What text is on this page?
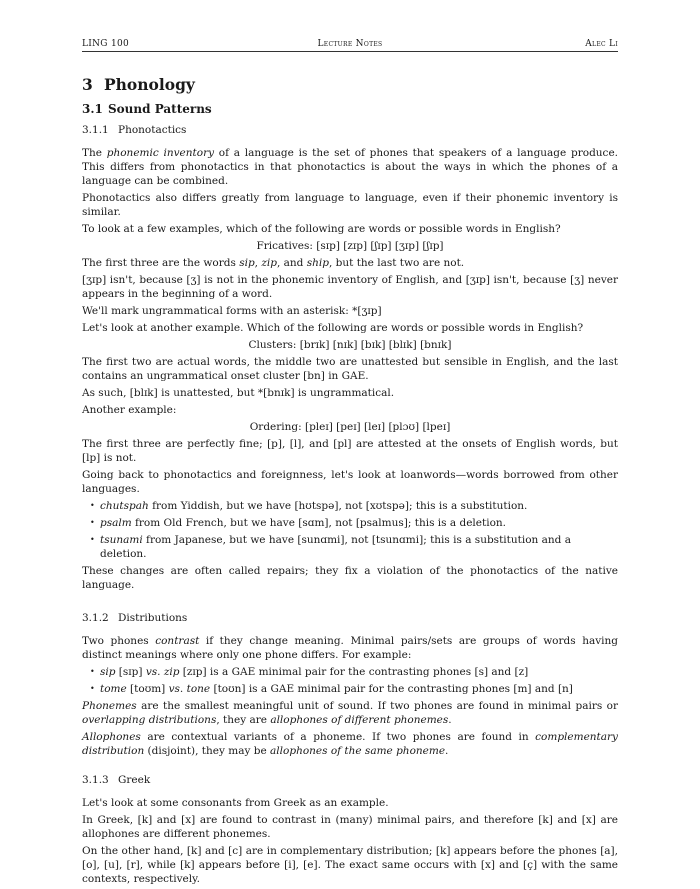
LING 100	Lecture Notes	Alec Li
3 Phonology
3.1 Sound Patterns
3.1.1 Phonotactics

The phonemic inventory of a language is the set of phones that speakers of a language produce. This differs from phonotactics in that phonotactics is about the ways in which the phones of a language can be combined.

Phonotactics also differs greatly from language to language, even if their phonemic inventory is similar.

To look at a few examples, which of the following are words or possible words in English?

Fricatives: [sɪp] [zɪp] [ʃɪp] [ʒɪp] [ʃɪp]

The first three are the words sip, zip, and ship, but the last two are not.

[ʒɪp] isn't, because [ʒ] is not in the phonemic inventory of English, and [ʒɪp] isn't, because [ʒ] never appears in the beginning of a word.

We'll mark ungrammatical forms with an asterisk: *[ʒɪp]

Let's look at another example. Which of the following are words or possible words in English?

Clusters: [brɪk] [nɪk] [bɪk] [blɪk] [bnɪk]

The first two are actual words, the middle two are unattested but sensible in English, and the last contains an ungrammatical onset cluster [bn] in GAE.

As such, [blɪk] is unattested, but *[bnɪk] is ungrammatical.

Another example:

Ordering: [pleɪ] [peɪ] [leɪ] [plɔʊ] [lpeɪ]

The first three are perfectly fine; [p], [l], and [pl] are attested at the onsets of English words, but [lp] is not.

Going back to phonotactics and foreignness, let's look at loanwords—words borrowed from other languages.

• chutspah from Yiddish, but we have [hʊtspə], not [xʊtspə]; this is a substitution.
• psalm from Old French, but we have [sɑm], not [psalmus]; this is a deletion.
• tsunami from Japanese, but we have [sunɑmi], not [tsunɑmi]; this is a substitution and a deletion.

These changes are often called repairs; they fix a violation of the phonotactics of the native language.

3.1.2 Distributions

Two phones contrast if they change meaning. Minimal pairs/sets are groups of words having distinct meanings where only one phone differs. For example:

• sip [sɪp] vs. zip [zɪp] is a GAE minimal pair for the contrasting phones [s] and [z]
• tome [toʊm] vs. tone [toʊn] is a GAE minimal pair for the contrasting phones [m] and [n]

Phonemes are the smallest meaningful unit of sound. If two phones are found in minimal pairs or overlapping distributions, they are allophones of different phonemes.

Allophones are contextual variants of a phoneme. If two phones are found in complementary distribution (disjoint), they may be allophones of the same phoneme.

3.1.3 Greek

Let's look at some consonants from Greek as an example.

In Greek, [k] and [x] are found to contrast in (many) minimal pairs, and therefore [k] and [x] are allophones are different phonemes.

On the other hand, [k] and [c] are in complementary distribution; [k] appears before the phones [a], [o], [u], [r], while [k] appears before [i], [e]. The exact same occurs with [x] and [ç] with the same contexts, respectively.
